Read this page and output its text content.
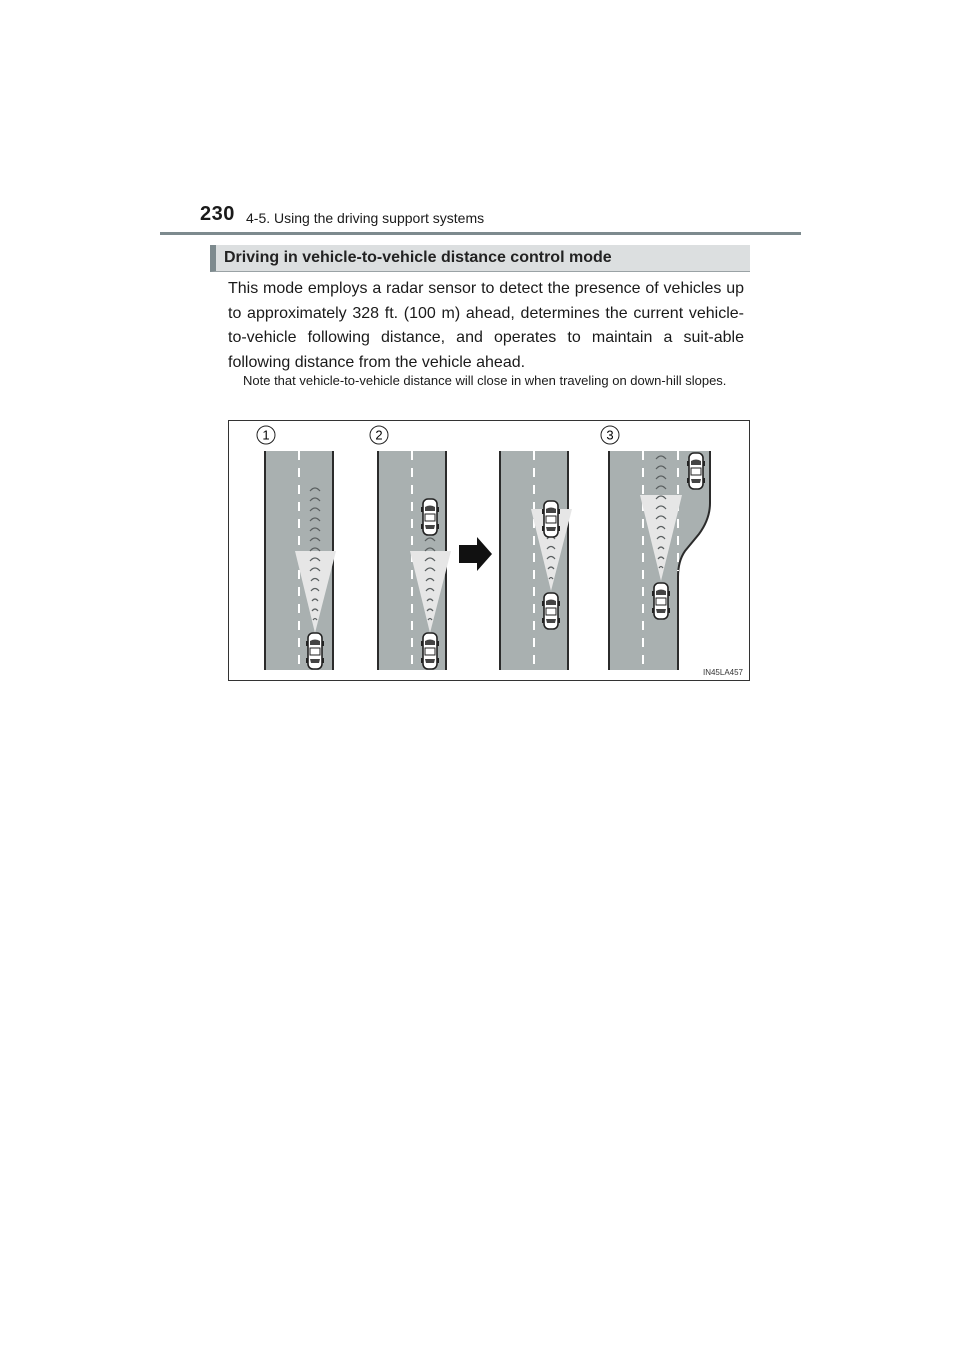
230 4-5. Using the driving support systems
Driving in vehicle-to-vehicle distance control mode

This mode employs a radar sensor to detect the presence of vehicles up to approximately 328 ft. (100 m) ahead, determines the current vehicle-to-vehicle following distance, and operates to maintain a suit-able following distance from the vehicle ahead.

Note that vehicle-to-vehicle distance will close in when traveling on down-hill slopes.

1	2	3
IN45LA457
